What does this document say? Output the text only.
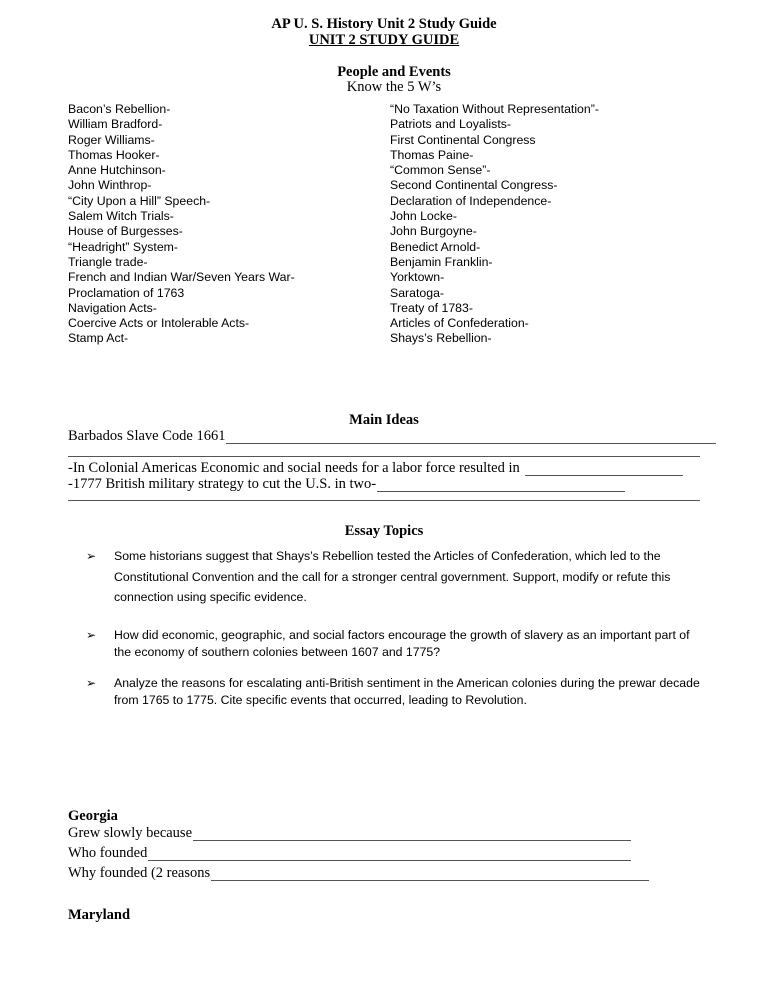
AP U. S. History Unit 2 Study Guide
UNIT 2 STUDY GUIDE
People and Events
Know the 5 W’s
Bacon’s Rebellion-
William Bradford-
Roger Williams-
Thomas Hooker-
Anne Hutchinson-
John Winthrop-
“City Upon a Hill” Speech-
Salem Witch Trials-
House of Burgesses-
“Headright” System-
Triangle trade-
French and Indian War/Seven Years War-
Proclamation of 1763
Navigation Acts-
Coercive Acts or Intolerable Acts-
Stamp Act-
“No Taxation Without Representation”-
Patriots and Loyalists-
First Continental Congress
Thomas Paine-
“Common Sense”-
Second Continental Congress-
Declaration of Independence-
John Locke-
John Burgoyne-
Benedict Arnold-
Benjamin Franklin-
Yorktown-
Saratoga-
Treaty of 1783-
Articles of Confederation-
Shays’s Rebellion-
Main Ideas
Barbados Slave Code 1661
-In Colonial Americas Economic and social needs for a labor force resulted in
-1777 British military strategy to cut the U.S. in two-
Essay Topics
➢	Some historians suggest that Shays’s Rebellion tested the Articles of Confederation, which led to the Constitutional Convention and the call for a stronger central government. Support, modify or refute this connection using specific evidence.
➢	How did economic, geographic, and social factors encourage the growth of slavery as an important part of the economy of southern colonies between 1607 and 1775?
➢	Analyze the reasons for escalating anti-British sentiment in the American colonies during the prewar decade from 1765 to 1775. Cite specific events that occurred, leading to Revolution.
Georgia
Grew slowly because
Who founded
Why founded (2 reasons
Maryland
